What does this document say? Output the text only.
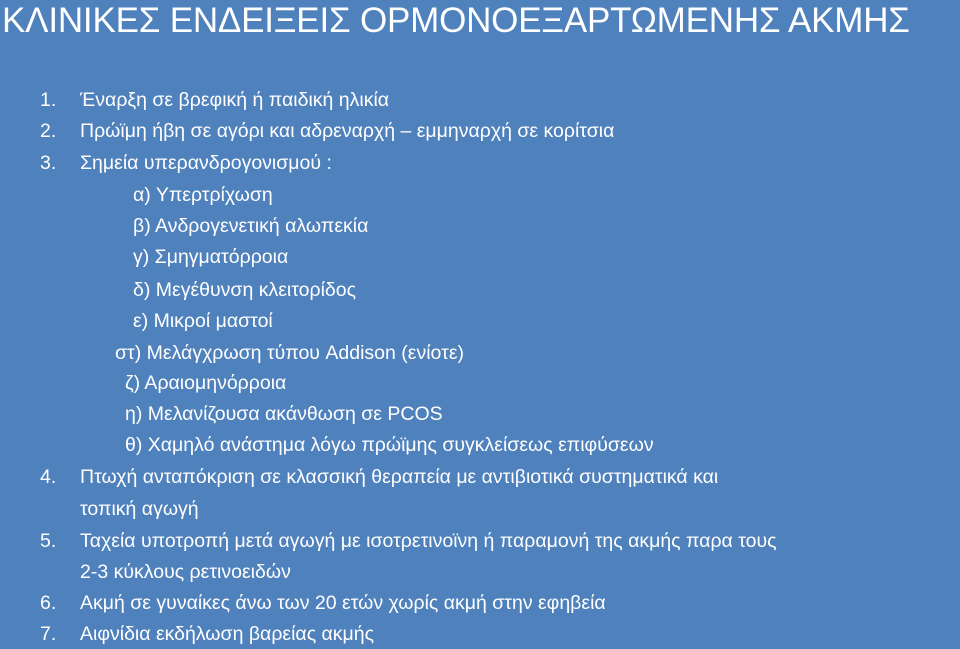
ΚΛΙΝΙΚΕΣ ΕΝΔΕΙΞΕΙΣ ΟΡΜΟΝΟΕΞΑΡΤΩΜΕΝΗΣ ΑΚΜΗΣ
1. Έναρξη σε βρεφική ή παιδική ηλικία
2. Πρώϊμη ήβη σε αγόρι και αδρεναρχή – εμμηναρχή σε κορίτσια
3. Σημεία υπερανδρογονισμού :
α) Υπερτρίχωση
β) Ανδρογενετική αλωπεκία
γ) Σμηγματόρροια
δ) Μεγέθυνση κλειτορίδος
ε) Μικροί μαστοί
στ) Μελάγχρωση τύπου Addison (ενίοτε)
ζ) Αραιομηνόρροια
η) Μελανίζουσα ακάνθωση σε PCOS
θ) Χαμηλό ανάστημα λόγω πρώϊμης συγκλείσεως επιφύσεων
4. Πτωχή ανταπόκριση σε κλασσική θεραπεία με αντιβιοτικά συστηματικά και
τοπική αγωγή
5. Ταχεία υποτροπή μετά αγωγή με ισοτρετινοϊνη ή παραμονή της ακμής παρα τους
2-3 κύκλους ρετινοειδών
6. Ακμή σε γυναίκες άνω των 20 ετών χωρίς ακμή στην εφηβεία
7. Αιφνίδια εκδήλωση βαρείας ακμής
